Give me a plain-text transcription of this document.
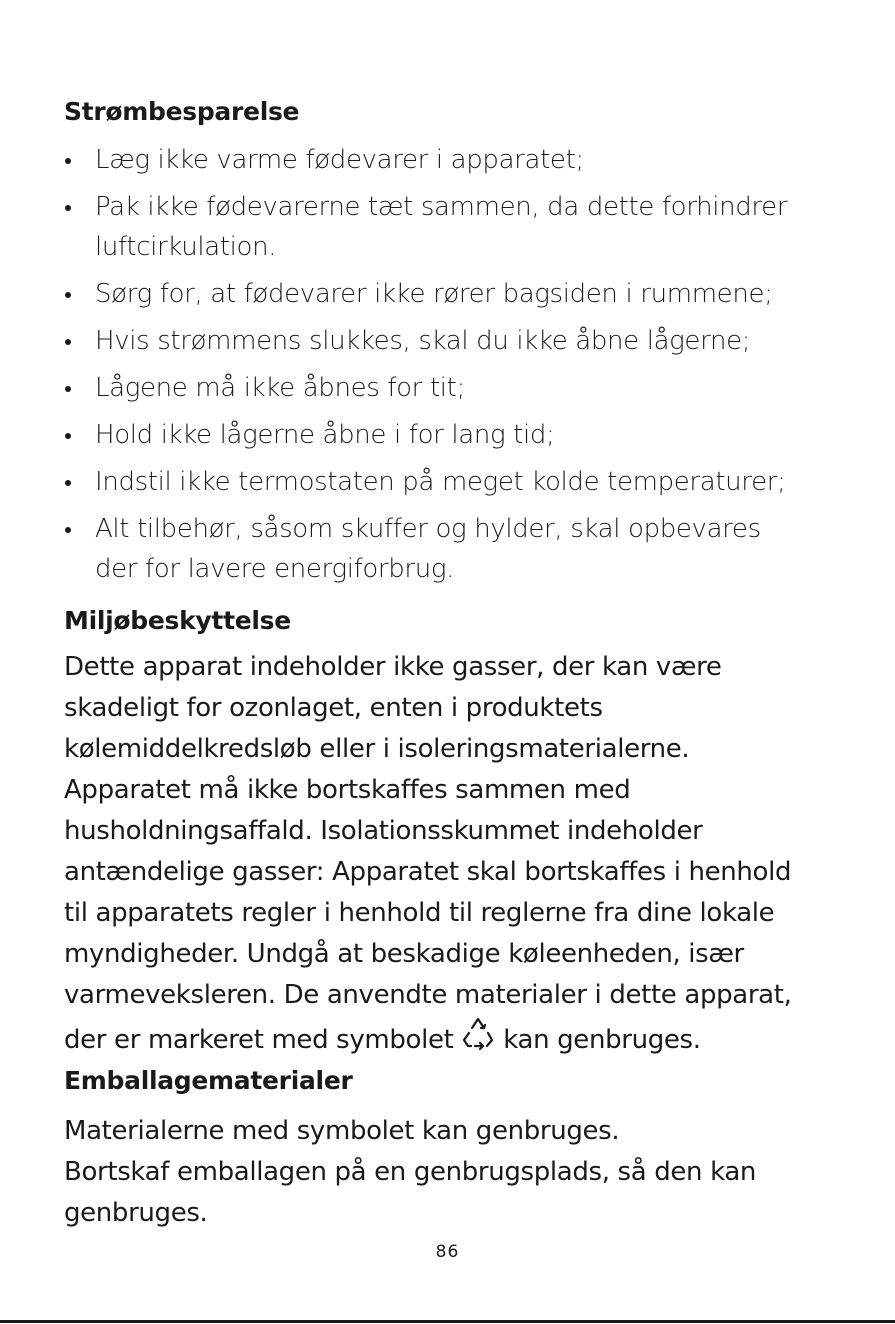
Strømbesparelse
Læg ikke varme fødevarer i apparatet;
Pak ikke fødevarerne tæt sammen, da dette forhindrer
luftcirkulation.
Sørg for, at fødevarer ikke rører bagsiden i rummene;
Hvis strømmens slukkes, skal du ikke åbne lågerne;
Lågene må ikke åbnes for tit;
Hold ikke lågerne åbne i for lang tid;
Indstil ikke termostaten på meget kolde temperaturer;
Alt tilbehør, såsom skuffer og hylder, skal opbevares
der for lavere energiforbrug.
Miljøbeskyttelse

Dette apparat indeholder ikke gasser, der kan være
skadeligt for ozonlaget, enten i produktets
kølemiddelkredsløb eller i isoleringsmaterialerne.
Apparatet må ikke bortskaffes sammen med
husholdningsaffald. Isolationsskummet indeholder
antændelige gasser: Apparatet skal bortskaffes i henhold
til apparatets regler i henhold til reglerne fra dine lokale
myndigheder. Undgå at beskadige køleenheden, især
varmeveksleren. De anvendte materialer i dette apparat,
der er markeret med symbolet kan genbruges.

Emballagematerialer

Materialerne med symbolet kan genbruges.
Bortskaf emballagen på en genbrugsplads, så den kan
genbruges.

86
